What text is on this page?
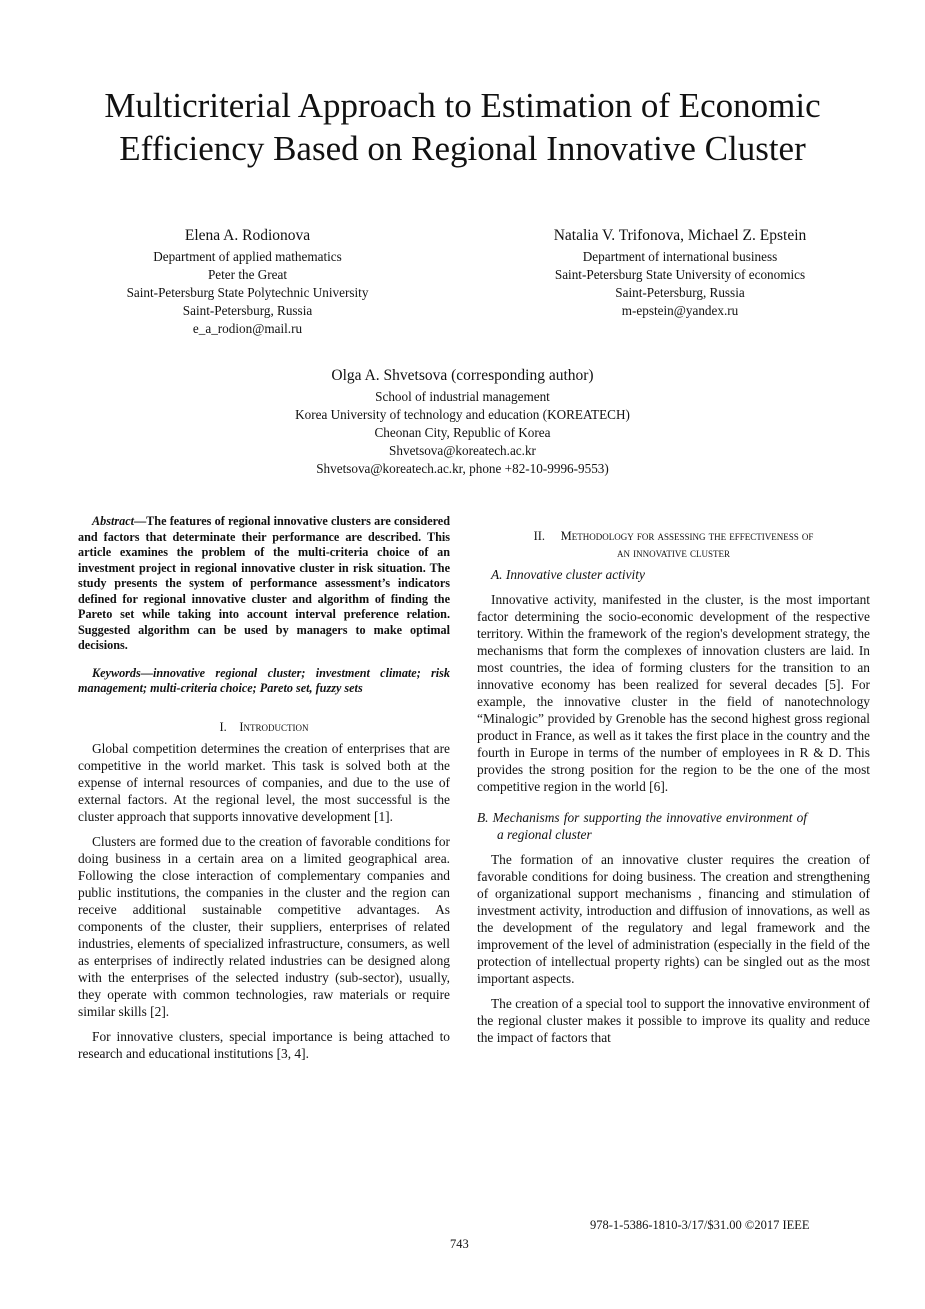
Multicriterial Approach to Estimation of Economic
Efficiency Based on Regional Innovative Cluster
Elena A. Rodionova
Department of applied mathematics
Peter the Great
Saint-Petersburg State Polytechnic University
Saint-Petersburg, Russia
e_a_rodion@mail.ru
Natalia V. Trifonova, Michael Z. Epstein
Department of international business
Saint-Petersburg State University of economics
Saint-Petersburg, Russia
m-epstein@yandex.ru
Olga A. Shvetsova (corresponding author)
School of industrial management
Korea University of technology and education (KOREATECH)
Cheonan City, Republic of Korea
Shvetsova@koreatech.ac.kr
Shvetsova@koreatech.ac.kr, phone +82-10-9996-9553)

Abstract—The features of regional innovative clusters are considered and factors that determinate their performance are described. This article examines the problem of the multi-criteria choice of an investment project in regional innovative cluster in risk situation. The study presents the system of performance assessment’s indicators defined for regional innovative cluster and algorithm of finding the Pareto set while taking into account interval preference relation. Suggested algorithm can be used by managers to make optimal decisions.

Keywords—innovative regional cluster; investment climate; risk management; multi-criteria choice; Pareto set, fuzzy sets

I. Introduction

Global competition determines the creation of enterprises that are competitive in the world market. This task is solved both at the expense of internal resources of companies, and due to the use of external factors. At the regional level, the most successful is the cluster approach that supports innovative development [1].

Clusters are formed due to the creation of favorable conditions for doing business in a certain area on a limited geographical area. Following the close interaction of complementary companies and public institutions, the companies in the cluster and the region can receive additional sustainable competitive advantages. As components of the cluster, their suppliers, enterprises of related industries, elements of specialized infrastructure, consumers, as well as enterprises of indirectly related industries can be designed along with the enterprises of the selected industry (sub-sector), usually, they operate with common technologies, raw materials or require similar skills [2].

For innovative clusters, special importance is being attached to research and educational institutions [3, 4].

II. Methodology for assessing the effectiveness of
an innovative cluster

A. Innovative cluster activity

Innovative activity, manifested in the cluster, is the most important factor determining the socio-economic development of the respective territory. Within the framework of the region's development strategy, the mechanisms that form the complexes of innovation clusters are laid. In most countries, the idea of forming clusters for the transition to an innovative economy has been realized for several decades [5]. For example, the innovative cluster in the field of nanotechnology “Minalogic” provided by Grenoble has the second highest gross regional product in France, as well as it takes the first place in the country and the fourth in Europe in terms of the number of employees in R & D. This provides the strong position for the region to be the one of the most competitive region in the world [6].

B. Mechanisms for supporting the innovative environment of a regional cluster

The formation of an innovative cluster requires the creation of favorable conditions for doing business. The creation and strengthening of organizational support mechanisms , financing and stimulation of investment activity, introduction and diffusion of innovations, as well as the development of the regulatory and legal framework and the improvement of the level of administration (especially in the field of the protection of intellectual property rights) can be singled out as the most important aspects.

The creation of a special tool to support the innovative environment of the regional cluster makes it possible to improve its quality and reduce the impact of factors that

978-1-5386-1810-3/17/$31.00 ©2017 IEEE
743
